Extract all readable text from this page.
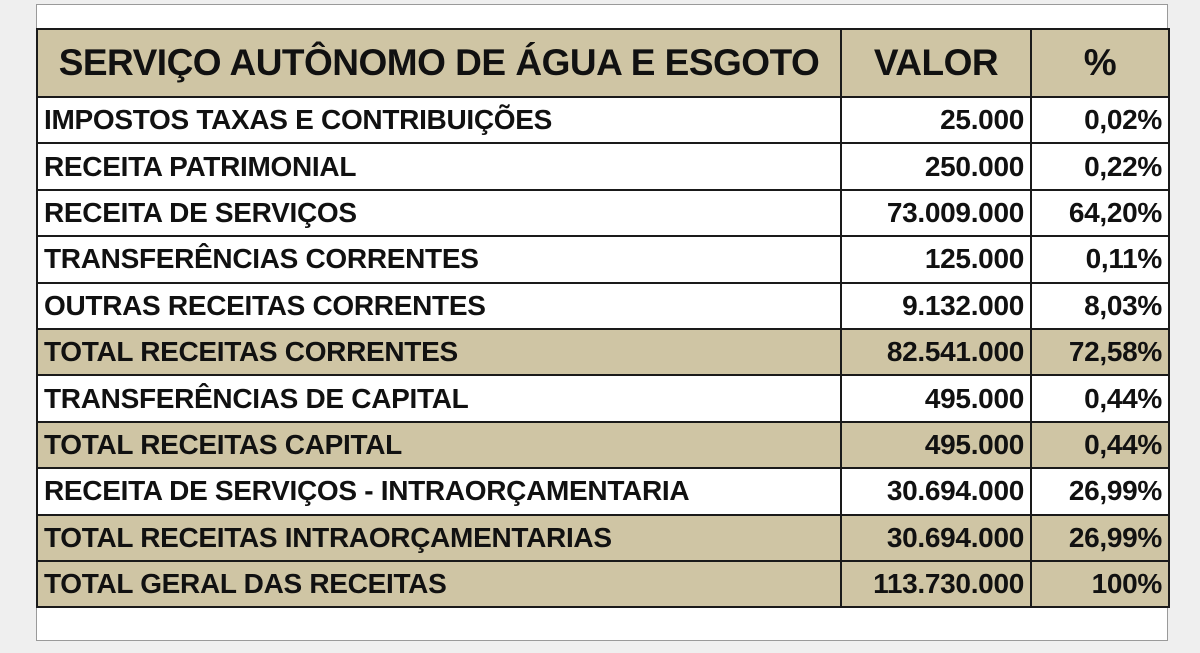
SERVIÇO AUTÔNOMO DE ÁGUA E ESGOTO	VALOR	%
IMPOSTOS TAXAS E CONTRIBUIÇÕES	25.000	0,02%
RECEITA PATRIMONIAL	250.000	0,22%
RECEITA DE SERVIÇOS	73.009.000	64,20%
TRANSFERÊNCIAS CORRENTES	125.000	0,11%
OUTRAS RECEITAS CORRENTES	9.132.000	8,03%
TOTAL RECEITAS CORRENTES	82.541.000	72,58%
TRANSFERÊNCIAS DE CAPITAL	495.000	0,44%
TOTAL RECEITAS CAPITAL	495.000	0,44%
RECEITA DE SERVIÇOS - INTRAORÇAMENTARIA	30.694.000	26,99%
TOTAL RECEITAS INTRAORÇAMENTARIAS	30.694.000	26,99%
TOTAL GERAL DAS RECEITAS	113.730.000	100%
